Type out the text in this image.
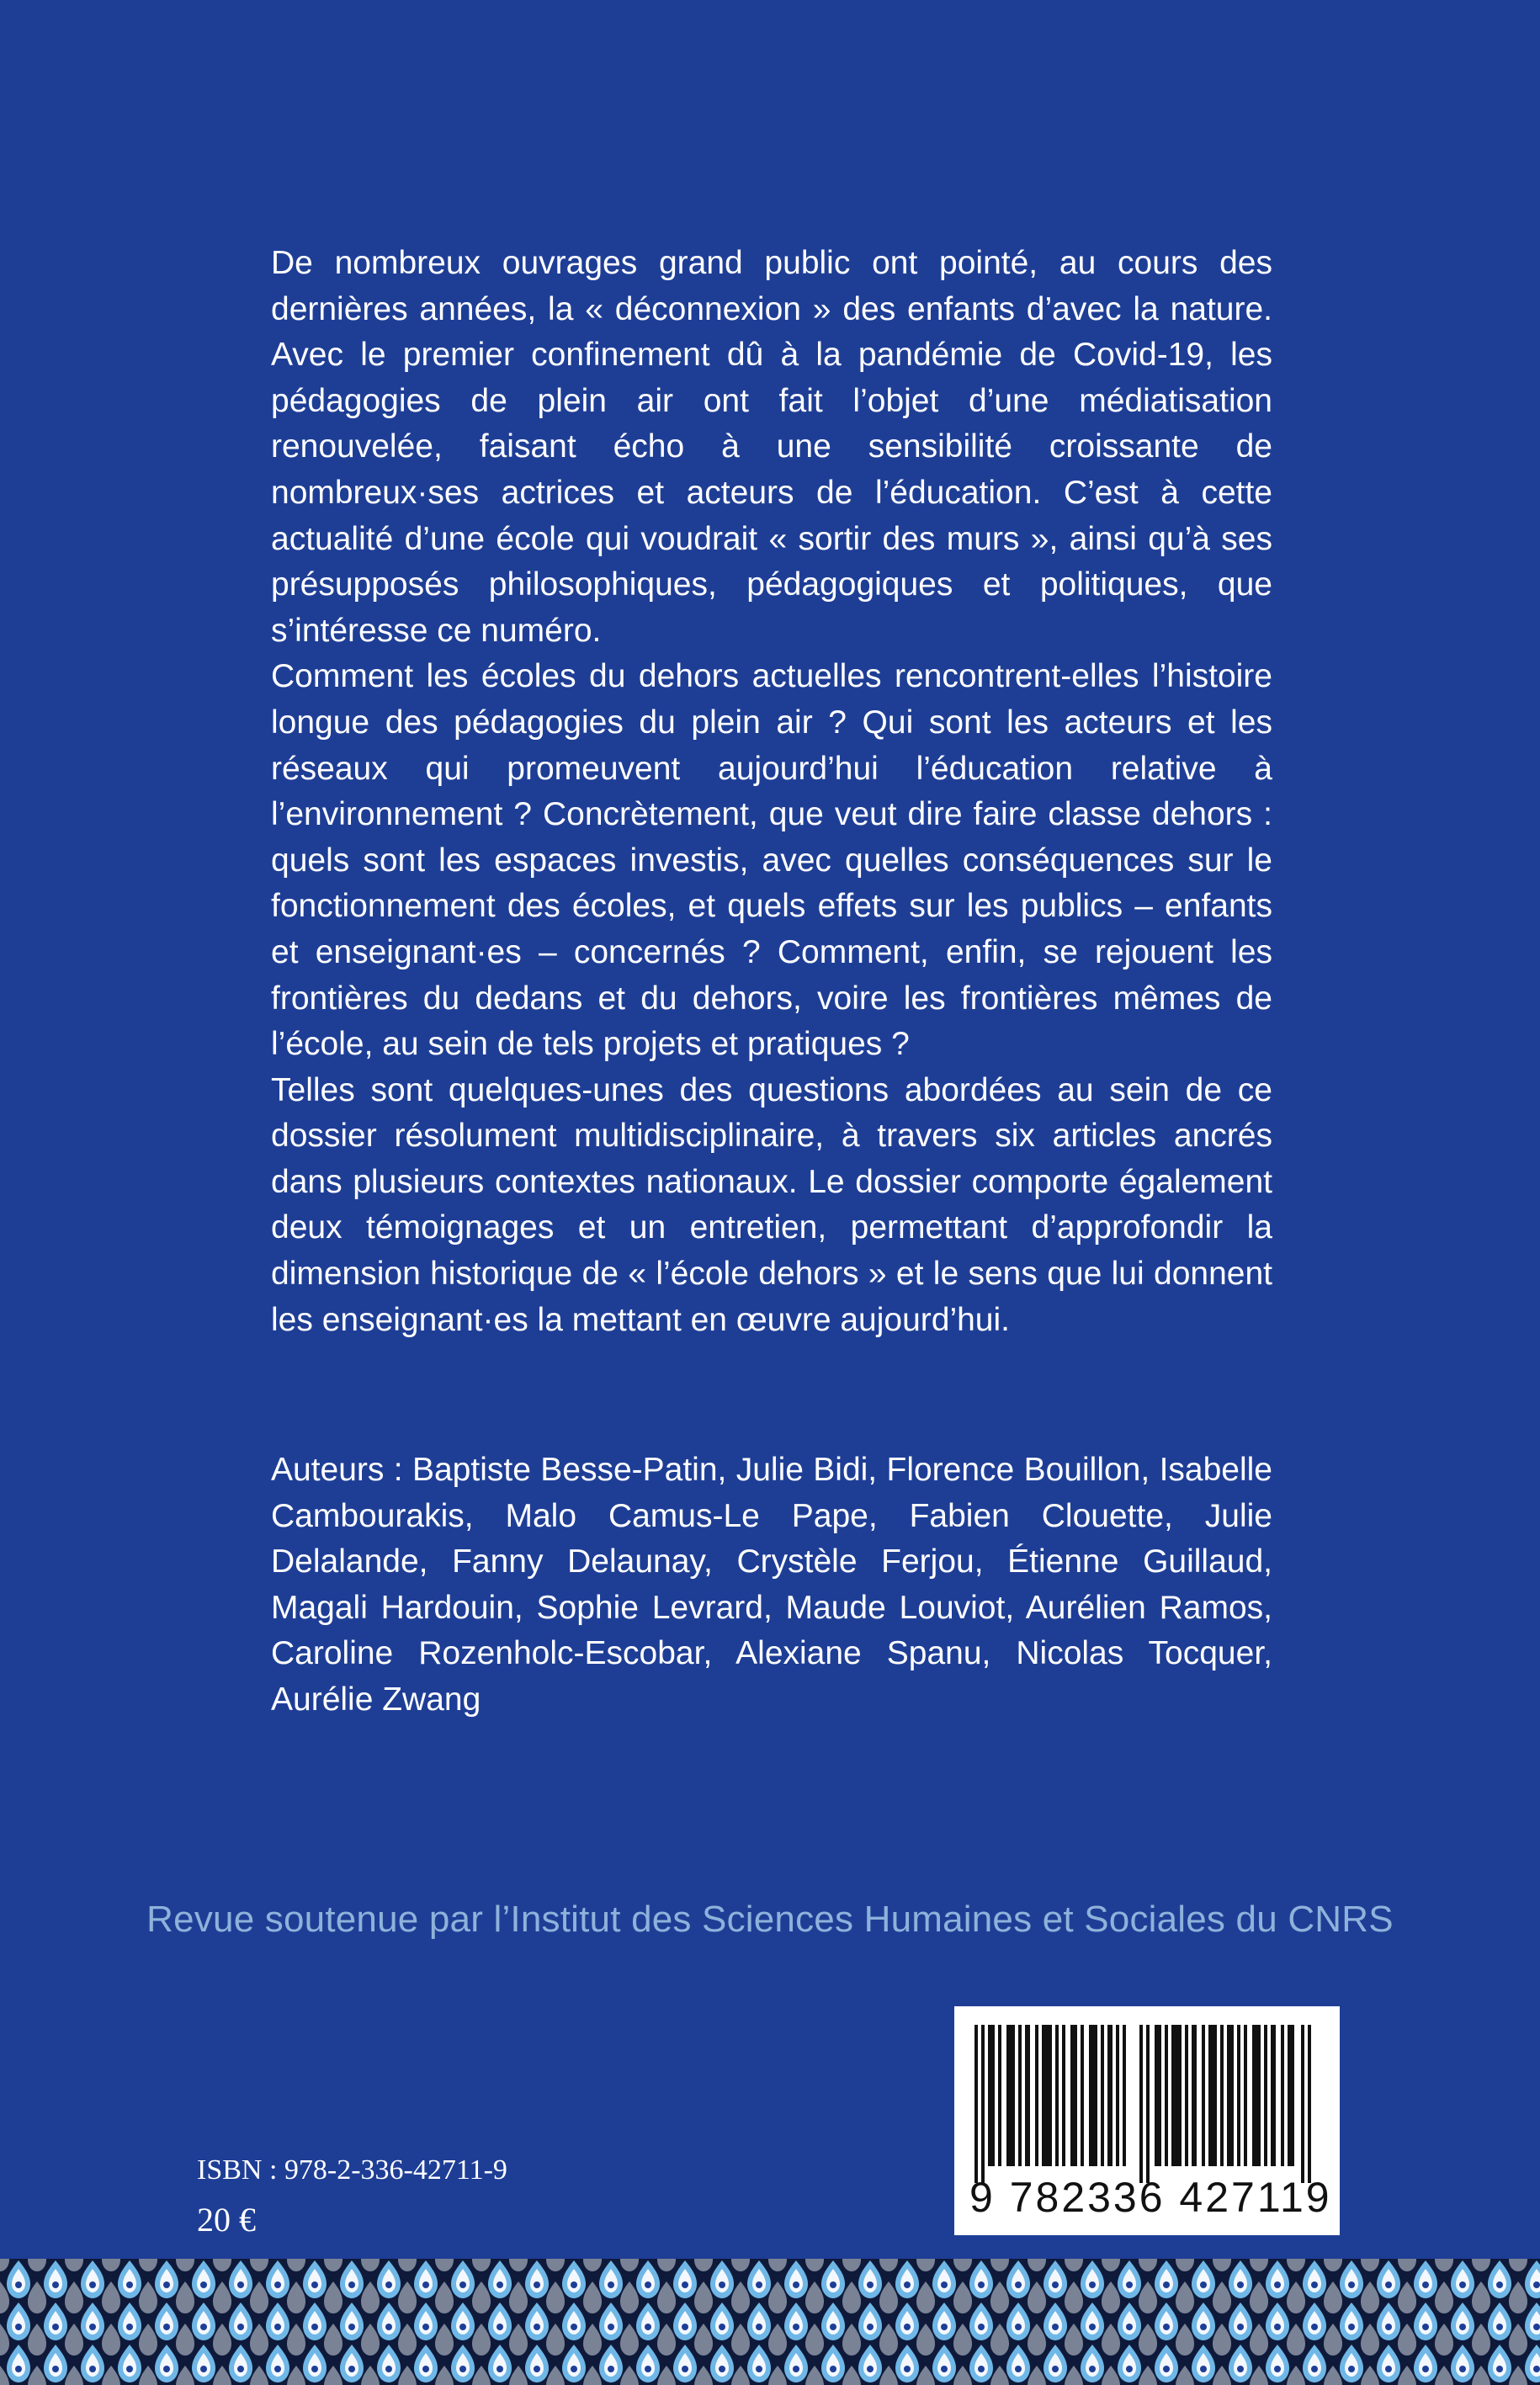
De nombreux ouvrages grand public ont pointé, au cours des dernières années, la « déconnexion » des enfants d’avec la nature. Avec le premier confinement dû à la pandémie de Covid-19, les pédagogies de plein air ont fait l’objet d’une médiatisation renouvelée, faisant écho à une sensibilité croissante de nombreux·ses actrices et acteurs de l’éducation. C’est à cette actualité d’une école qui voudrait « sortir des murs », ainsi qu’à ses présupposés philosophiques, pédagogiques et politiques, que s’intéresse ce numéro.

Comment les écoles du dehors actuelles rencontrent-elles l’histoire longue des pédagogies du plein air ? Qui sont les acteurs et les réseaux qui promeuvent aujourd’hui l’éducation relative à l’environnement ? Concrètement, que veut dire faire classe dehors : quels sont les espaces investis, avec quelles conséquences sur le fonctionnement des écoles, et quels effets sur les publics – enfants et enseignant·es – concernés ? Comment, enfin, se rejouent les frontières du dedans et du dehors, voire les frontières mêmes de l’école, au sein de tels projets et pratiques ?

Telles sont quelques-unes des questions abordées au sein de ce dossier résolument multidisciplinaire, à travers six articles ancrés dans plusieurs contextes nationaux. Le dossier comporte également deux témoignages et un entretien, permettant d’approfondir la dimension historique de « l’école dehors » et le sens que lui donnent les enseignant·es la mettant en œuvre aujourd’hui.

Auteurs : Baptiste Besse-Patin, Julie Bidi, Florence Bouillon, Isabelle Cambourakis, Malo Camus-Le Pape, Fabien Clouette, Julie Delalande, Fanny Delaunay, Crystèle Ferjou, Étienne Guillaud, Magali Hardouin, Sophie Levrard, Maude Louviot, Aurélien Ramos, Caroline Rozenholc-Escobar, Alexiane Spanu, Nicolas Tocquer, Aurélie Zwang
Revue soutenue par l’Institut des Sciences Humaines et Sociales du CNRS
ISBN : 978-2-336-42711-9
20 €	9 782336 427119
